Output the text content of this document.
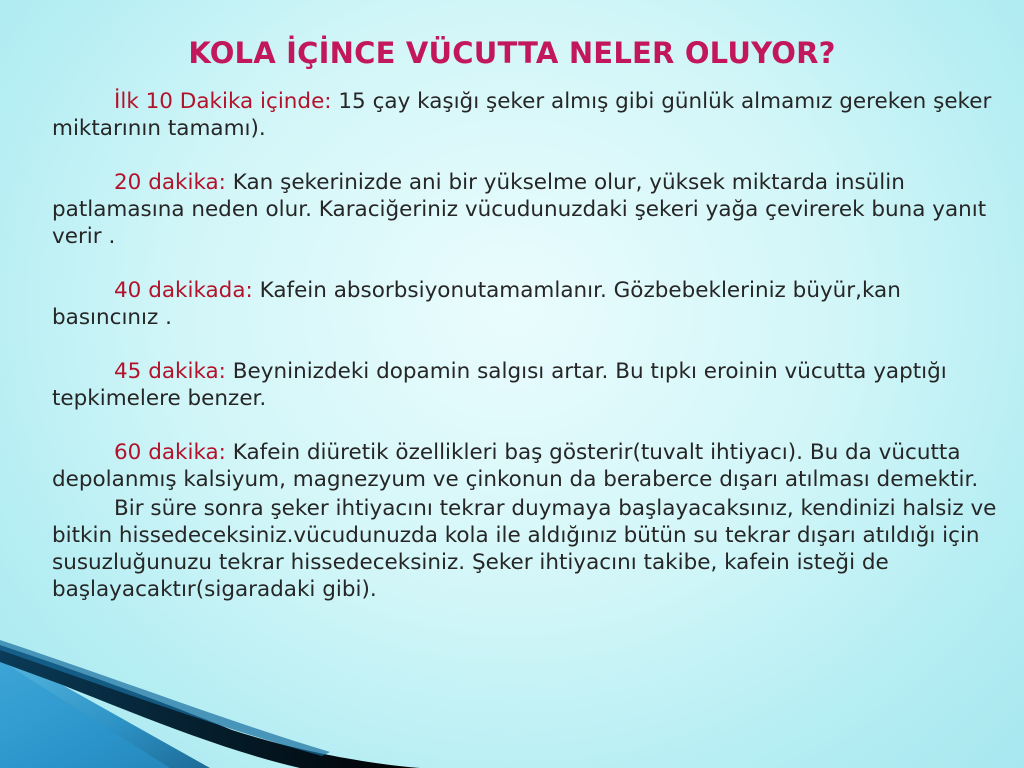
KOLA İÇİNCE VÜCUTTA NELER OLUYOR?

İlk 10 Dakika içinde: 15 çay kaşığı şeker almış gibi günlük almamız gereken şeker miktarının tamamı).

20 dakika: Kan şekerinizde ani bir yükselme olur, yüksek miktarda insülin patlamasına neden olur. Karaciğeriniz vücudunuzdaki şekeri yağa çevirerek buna yanıt verir .

40 dakikada: Kafein absorbsiyonutamamlanır. Gözbebekleriniz büyür,kan basıncınız .

45 dakika: Beyninizdeki dopamin salgısı artar. Bu tıpkı eroinin vücutta yaptığı tepkimelere benzer.

60 dakika: Kafein diüretik özellikleri baş gösterir(tuvalt ihtiyacı). Bu da vücutta depolanmış kalsiyum, magnezyum ve çinkonun da beraberce dışarı atılması demektir.

Bir süre sonra şeker ihtiyacını tekrar duymaya başlayacaksınız, kendinizi halsiz ve bitkin hissedeceksiniz.vücudunuzda kola ile aldığınız bütün su tekrar dışarı atıldığı için susuzluğunuzu tekrar hissedeceksiniz. Şeker ihtiyacını takibe, kafein isteği de başlayacaktır(sigaradaki gibi).
